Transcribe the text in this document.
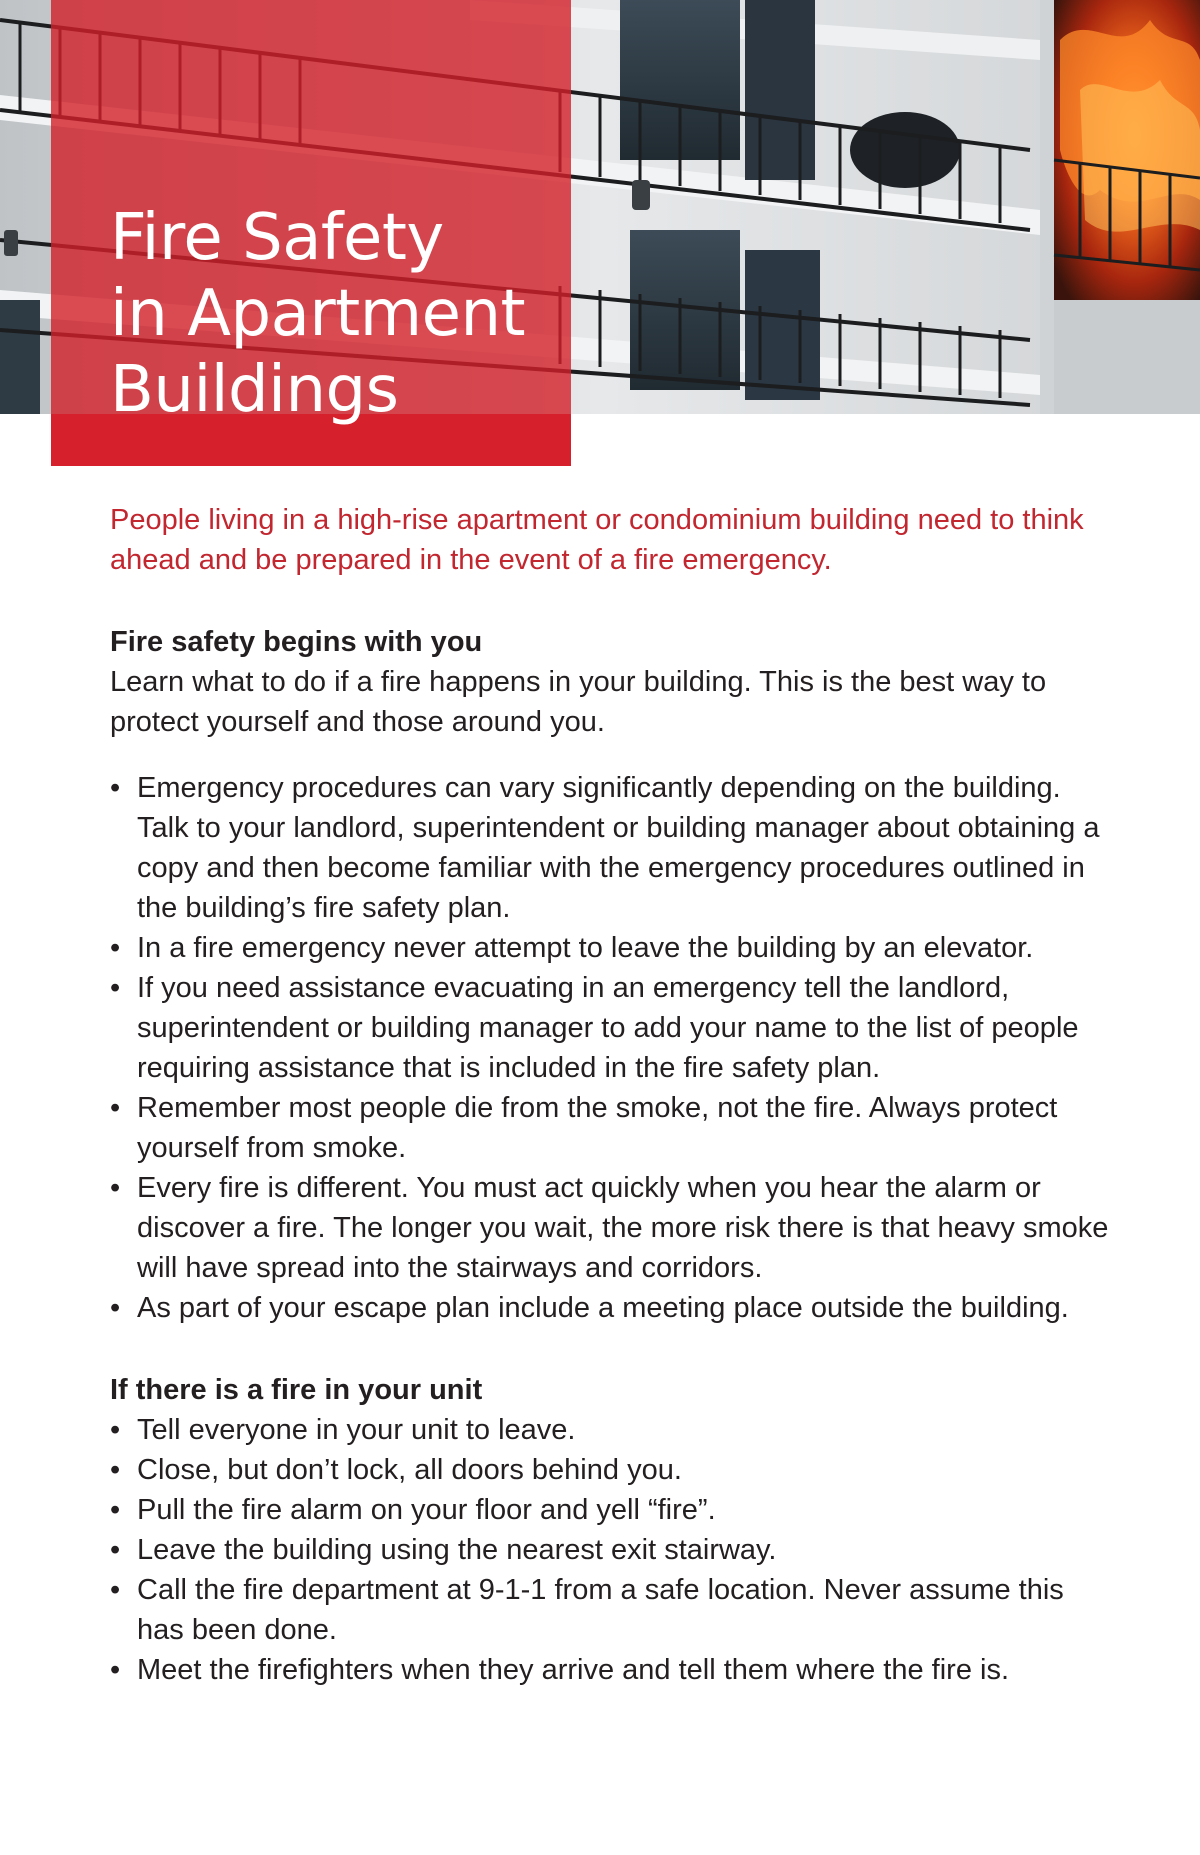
Fire Safety
in Apartment
Buildings

People living in a high-rise apartment or condominium building need to think ahead and be prepared in the event of a fire emergency.

Fire safety begins with you

Learn what to do if a fire happens in your building. This is the best way to protect yourself and those around you.

• Emergency procedures can vary significantly depending on the building. Talk to your landlord, superintendent or building manager about obtaining a copy and then become familiar with the emergency procedures outlined in the building’s fire safety plan.
• In a fire emergency never attempt to leave the building by an elevator.
• If you need assistance evacuating in an emergency tell the landlord, superintendent or building manager to add your name to the list of people requiring assistance that is included in the fire safety plan.
• Remember most people die from the smoke, not the fire. Always protect yourself from smoke.
• Every fire is different. You must act quickly when you hear the alarm or discover a fire. The longer you wait, the more risk there is that heavy smoke will have spread into the stairways and corridors.
• As part of your escape plan include a meeting place outside the building.
If there is a fire in your unit
• Tell everyone in your unit to leave.
• Close, but don’t lock, all doors behind you.
• Pull the fire alarm on your floor and yell “fire”.
• Leave the building using the nearest exit stairway.
• Call the fire department at 9-1-1 from a safe location. Never assume this has been done.
• Meet the firefighters when they arrive and tell them where the fire is.
